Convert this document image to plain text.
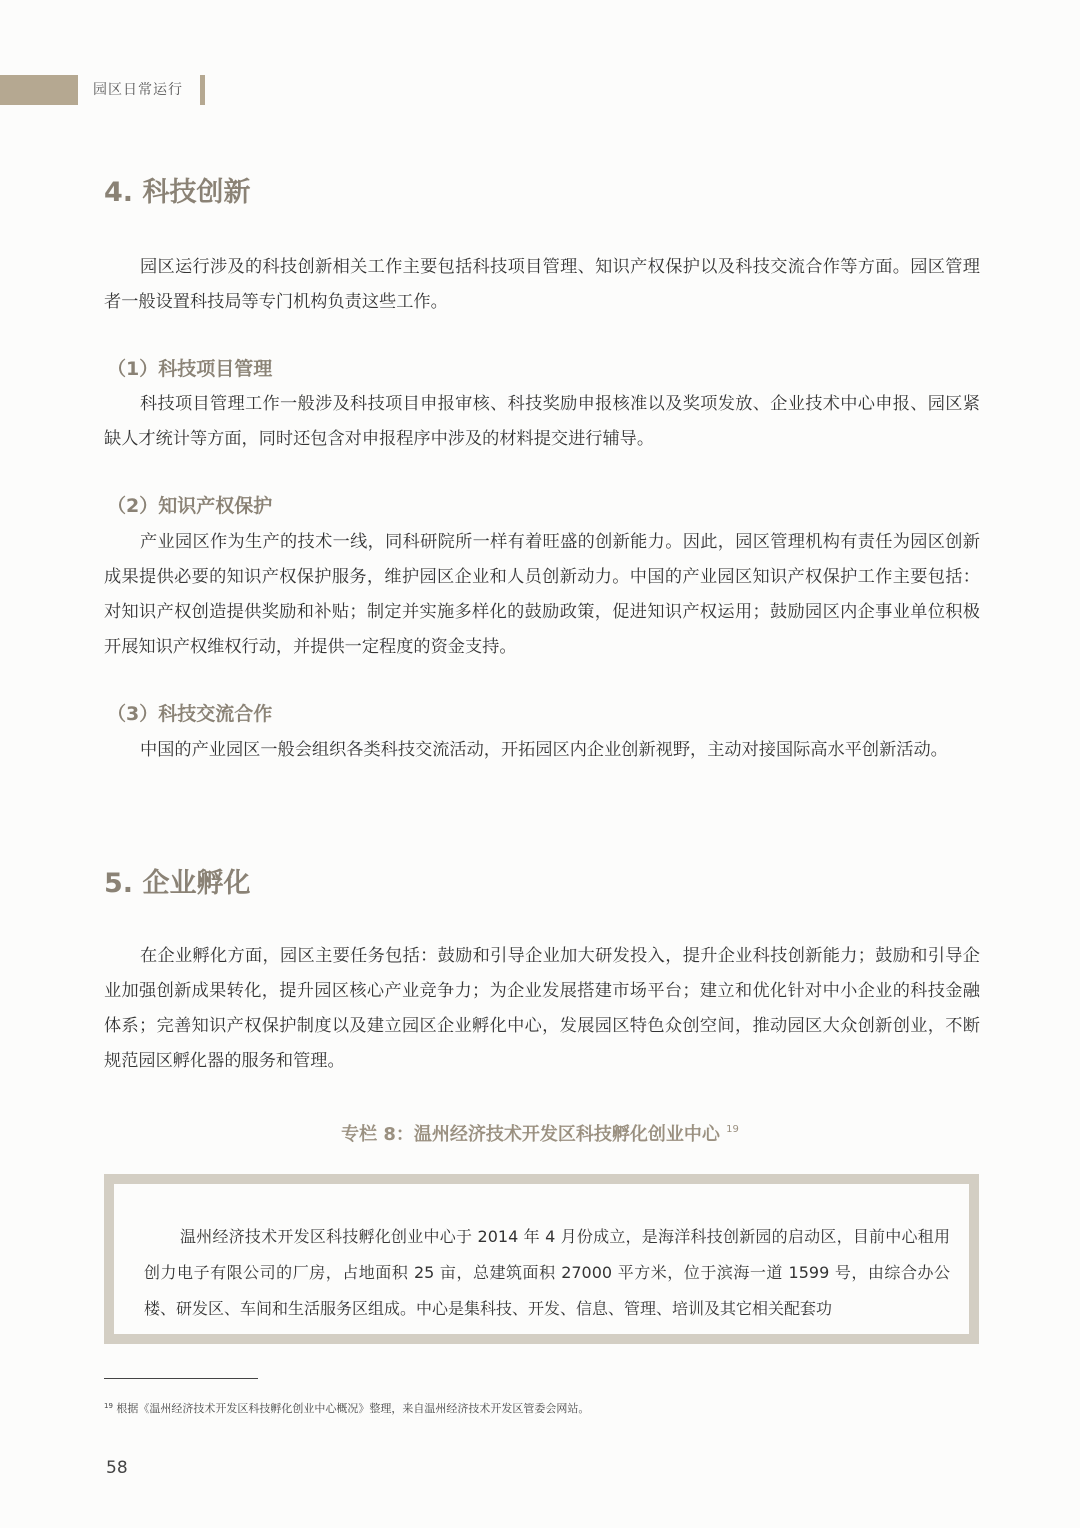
园区日常运行
4. 科技创新

园区运行涉及的科技创新相关工作主要包括科技项目管理、知识产权保护以及科技交流合作等方面。园区管理者一般设置科技局等专门机构负责这些工作。

（1）科技项目管理

科技项目管理工作一般涉及科技项目申报审核、科技奖励申报核准以及奖项发放、企业技术中心申报、园区紧缺人才统计等方面，同时还包含对申报程序中涉及的材料提交进行辅导。

（2）知识产权保护

产业园区作为生产的技术一线，同科研院所一样有着旺盛的创新能力。因此，园区管理机构有责任为园区创新成果提供必要的知识产权保护服务，维护园区企业和人员创新动力。中国的产业园区知识产权保护工作主要包括：对知识产权创造提供奖励和补贴；制定并实施多样化的鼓励政策，促进知识产权运用；鼓励园区内企事业单位积极开展知识产权维权行动，并提供一定程度的资金支持。

（3）科技交流合作

中国的产业园区一般会组织各类科技交流活动，开拓园区内企业创新视野，主动对接国际高水平创新活动。

5. 企业孵化

在企业孵化方面，园区主要任务包括：鼓励和引导企业加大研发投入，提升企业科技创新能力；鼓励和引导企业加强创新成果转化，提升园区核心产业竞争力；为企业发展搭建市场平台；建立和优化针对中小企业的科技金融体系；完善知识产权保护制度以及建立园区企业孵化中心，发展园区特色众创空间，推动园区大众创新创业，不断规范园区孵化器的服务和管理。

专栏 8：温州经济技术开发区科技孵化创业中心 $^{19}$

温州经济技术开发区科技孵化创业中心于 2014 年 4 月份成立，是海洋科技创新园的启动区，目前中心租用创力电子有限公司的厂房，占地面积 25 亩，总建筑面积 27000 平方米，位于滨海一道 1599 号，由综合办公楼、研发区、车间和生活服务区组成。中心是集科技、开发、信息、管理、培训及其它相关配套功

$^{19}$ 根据《温州经济技术开发区科技孵化创业中心概况》整理，来自温州经济技术开发区管委会网站。
58
